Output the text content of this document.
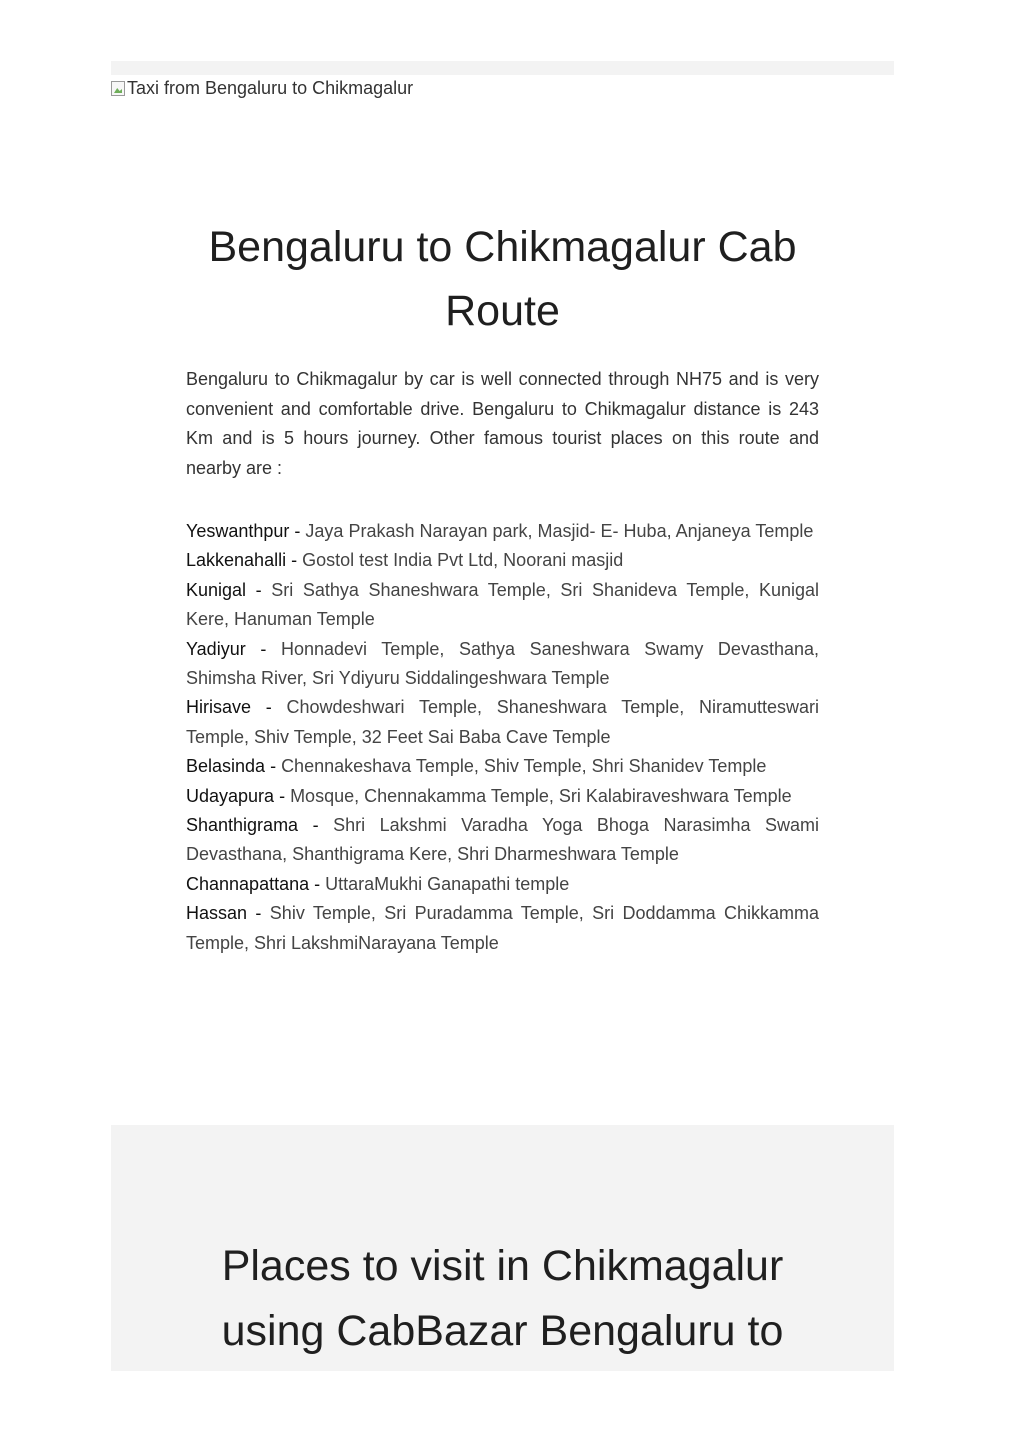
Taxi from Bengaluru to Chikmagalur
Bengaluru to Chikmagalur Cab Route

Bengaluru to Chikmagalur by car is well connected through NH75 and is very convenient and comfortable drive. Bengaluru to Chikmagalur distance is 243 Km and is 5 hours journey. Other famous tourist places on this route and nearby are :

Yeswanthpur - Jaya Prakash Narayan park, Masjid- E- Huba, Anjaneya Temple
Lakkenahalli - Gostol test India Pvt Ltd, Noorani masjid
Kunigal - Sri Sathya Shaneshwara Temple, Sri Shanideva Temple, Kunigal Kere, Hanuman Temple
Yadiyur - Honnadevi Temple, Sathya Saneshwara Swamy Devasthana, Shimsha River, Sri Ydiyuru Siddalingeshwara Temple
Hirisave - Chowdeshwari Temple, Shaneshwara Temple, Niramutteswari Temple, Shiv Temple, 32 Feet Sai Baba Cave Temple
Belasinda - Chennakeshava Temple, Shiv Temple, Shri Shanidev Temple
Udayapura - Mosque, Chennakamma Temple, Sri Kalabiraveshwara Temple
Shanthigrama - Shri Lakshmi Varadha Yoga Bhoga Narasimha Swami Devasthana, Shanthigrama Kere, Shri Dharmeshwara Temple
Channapattana - UttaraMukhi Ganapathi temple
Hassan - Shiv Temple, Sri Puradamma Temple, Sri Doddamma Chikkamma Temple, Shri LakshmiNarayana Temple
Places to visit in Chikmagalur using CabBazar Bengaluru to
